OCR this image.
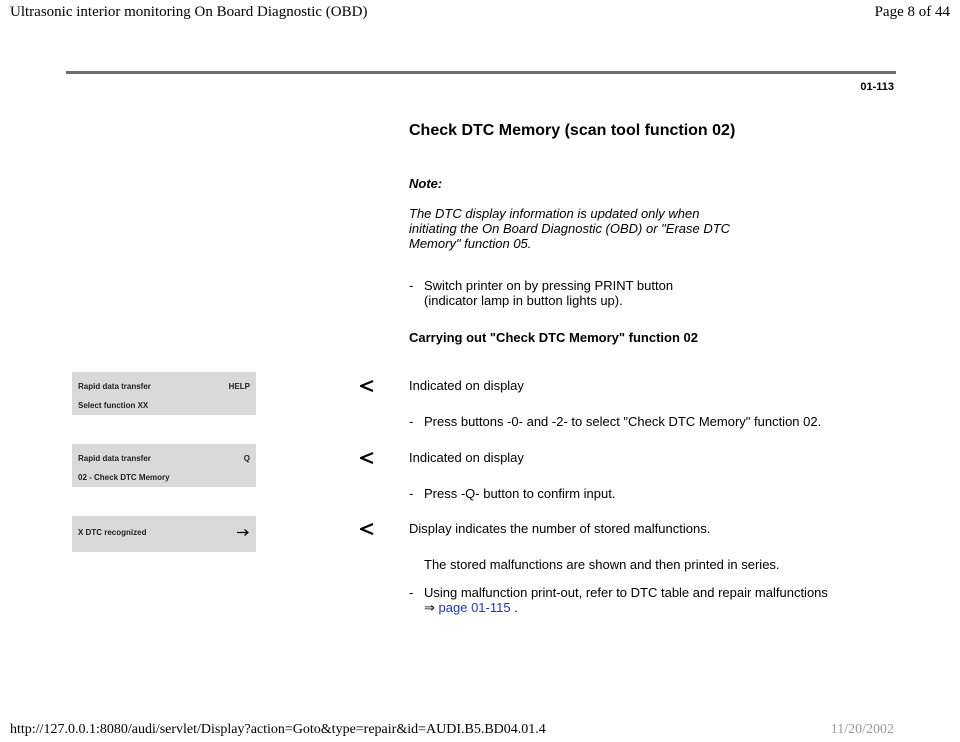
Ultrasonic interior monitoring On Board Diagnostic (OBD)	Page 8 of 44
01-113
Check DTC Memory (scan tool function 02)
Note:
The DTC display information is updated only when initiating the On Board Diagnostic (OBD) or "Erase DTC Memory" function 05.
- Switch printer on by pressing PRINT button (indicator lamp in button lights up).
Carrying out "Check DTC Memory" function 02
Rapid data transfer	HELP
Select function XX
Indicated on display
- Press buttons -0- and -2- to select "Check DTC Memory" function 02.
Rapid data transfer	Q
02 - Check DTC Memory
Indicated on display
- Press -Q- button to confirm input.
X DTC recognized	Display indicates the number of stored malfunctions.
The stored malfunctions are shown and then printed in series.
- Using malfunction print-out, refer to DTC table and repair malfunctions
⇒ page 01-115 .
http://127.0.0.1:8080/audi/servlet/Display?action=Goto&type=repair&id=AUDI.B5.BD04.01.4	11/20/2002
